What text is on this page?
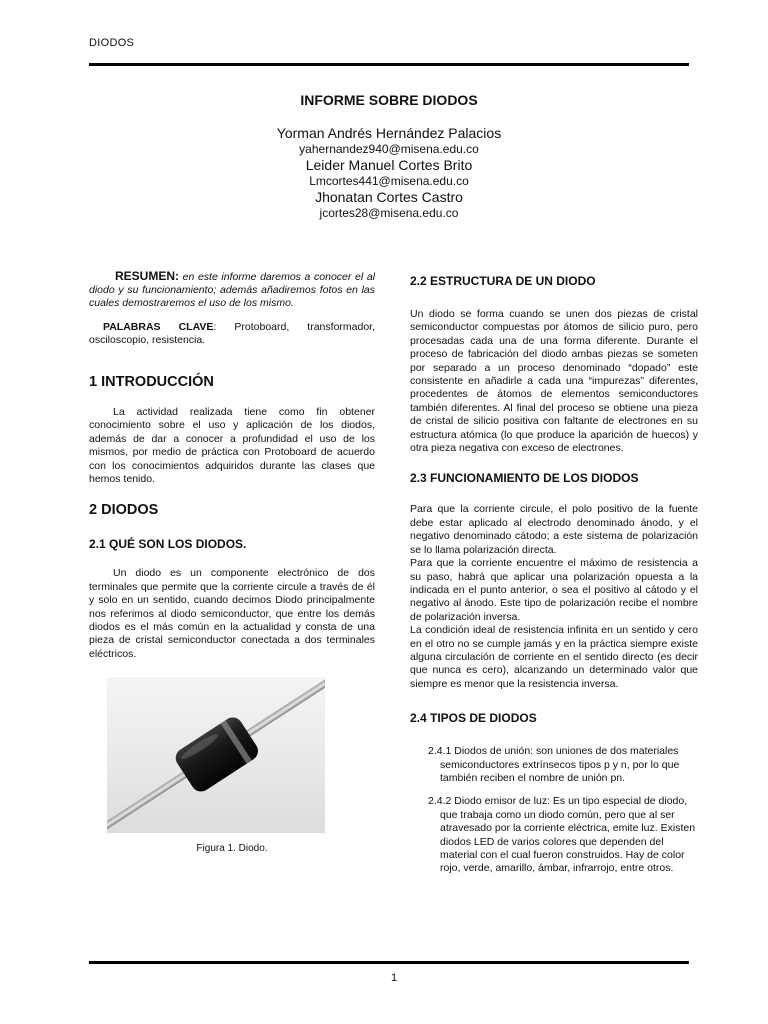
DIODOS
INFORME SOBRE DIODOS
Yorman Andrés Hernández Palacios
yahernandez940@misena.edu.co
Leider Manuel Cortes Brito
Lmcortes441@misena.edu.co
Jhonatan Cortes Castro
jcortes28@misena.edu.co

RESUMEN: en este informe daremos a conocer el al diodo y su funcionamiento; además añadiremos fotos en las cuales demostraremos el uso de los mismo.

PALABRAS CLAVE: Protoboard, transformador, osciloscopio, resistencia.

1 INTRODUCCIÓN

La actividad realizada tiene como fin obtener conocimiento sobre el uso y aplicación de los diodos, además de dar a conocer a profundidad el uso de los mismos, por medio de práctica con Protoboard de acuerdo con los conocimientos adquiridos durante las clases que hemos tenido.

2 DIODOS
2.1 QUÉ SON LOS DIODOS.

Un diodo es un componente electrónico de dos terminales que permite que la corriente circule a través de él y solo en un sentido, cuando decimos Diodo principalmente nos referimos al diodo semiconductor, que entre los demás diodos es el más común en la actualidad y consta de una pieza de cristal semiconductor conectada a dos terminales eléctricos.

Figura 1. Diodo.
2.2 ESTRUCTURA DE UN DIODO

Un diodo se forma cuando se unen dos piezas de cristal semiconductor compuestas por átomos de silicio puro, pero procesadas cada una de una forma diferente. Durante el proceso de fabricación del diodo ambas piezas se someten por separado a un proceso denominado “dopado” este consistente en añadirle a cada una “impurezas” diferentes, procedentes de átomos de elementos semiconductores también diferentes. Al final del proceso se obtiene una pieza de cristal de silicio positiva con faltante de electrones en su estructura atómica (lo que produce la aparición de huecos) y otra pieza negativa con exceso de electrones.

2.3 FUNCIONAMIENTO DE LOS DIODOS

Para que la corriente circule, el polo positivo de la fuente debe estar aplicado al electrodo denominado ánodo, y el negativo denominado cátodo; a este sistema de polarización se lo llama polarización directa.

Para que la corriente encuentre el máximo de resistencia a su paso, habrá que aplicar una polarización opuesta a la indicada en el punto anterior, o sea el positivo al cátodo y el negativo al ánodo. Este tipo de polarización recibe el nombre de polarización inversa.

La condición ideal de resistencia infinita en un sentido y cero en el otro no se cumple jamás y en la práctica siempre existe alguna circulación de corriente en el sentido directo (es decir que nunca es cero), alcanzando un determinado valor que siempre es menor que la resistencia inversa.

2.4 TIPOS DE DIODOS
2.4.1 Diodos de unión: son uniones de dos materiales semiconductores extrínsecos tipos p y n, por lo que también reciben el nombre de unión pn.
2.4.2 Diodo emisor de luz: Es un tipo especial de diodo, que trabaja como un diodo común, pero que al ser atravesado por la corriente eléctrica, emite luz. Existen diodos LED de varios colores que dependen del material con el cual fueron construidos. Hay de color rojo, verde, amarillo, ámbar, infrarrojo, entre otros.
1
